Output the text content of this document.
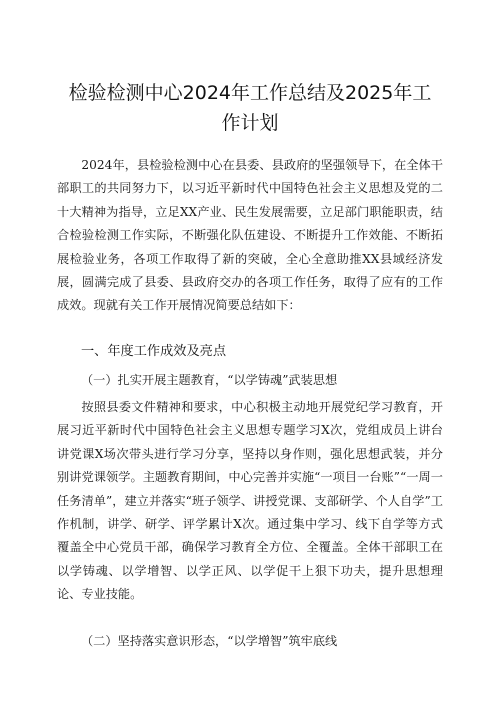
检验检测中心2024年工作总结及2025年工作计划

2024年，县检验检测中心在县委、县政府的坚强领导下，在全体干部职工的共同努力下，以习近平新时代中国特色社会主义思想及党的二十大精神为指导，立足XX产业、民生发展需要，立足部门职能职责，结合检验检测工作实际，不断强化队伍建设、不断提升工作效能、不断拓展检验业务，各项工作取得了新的突破，全心全意助推XX县域经济发展，圆满完成了县委、县政府交办的各项工作任务，取得了应有的工作成效。现就有关工作开展情况简要总结如下：

一、年度工作成效及亮点
（一）扎实开展主题教育，“以学铸魂”武装思想

按照县委文件精神和要求，中心积极主动地开展党纪学习教育，开展习近平新时代中国特色社会主义思想专题学习X次，党组成员上讲台讲党课X场次带头进行学习分享，坚持以身作则，强化思想武装，并分别讲党课领学。主题教育期间，中心完善并实施“一项目一台账”“一周一任务清单”，建立并落实“班子领学、讲授党课、支部研学、个人自学”工作机制，讲学、研学、评学累计X次。通过集中学习、线下自学等方式覆盖全中心党员干部，确保学习教育全方位、全覆盖。全体干部职工在以学铸魂、以学增智、以学正风、以学促干上狠下功夫，提升思想理论、专业技能。

（二）坚持落实意识形态，“以学增智”筑牢底线
